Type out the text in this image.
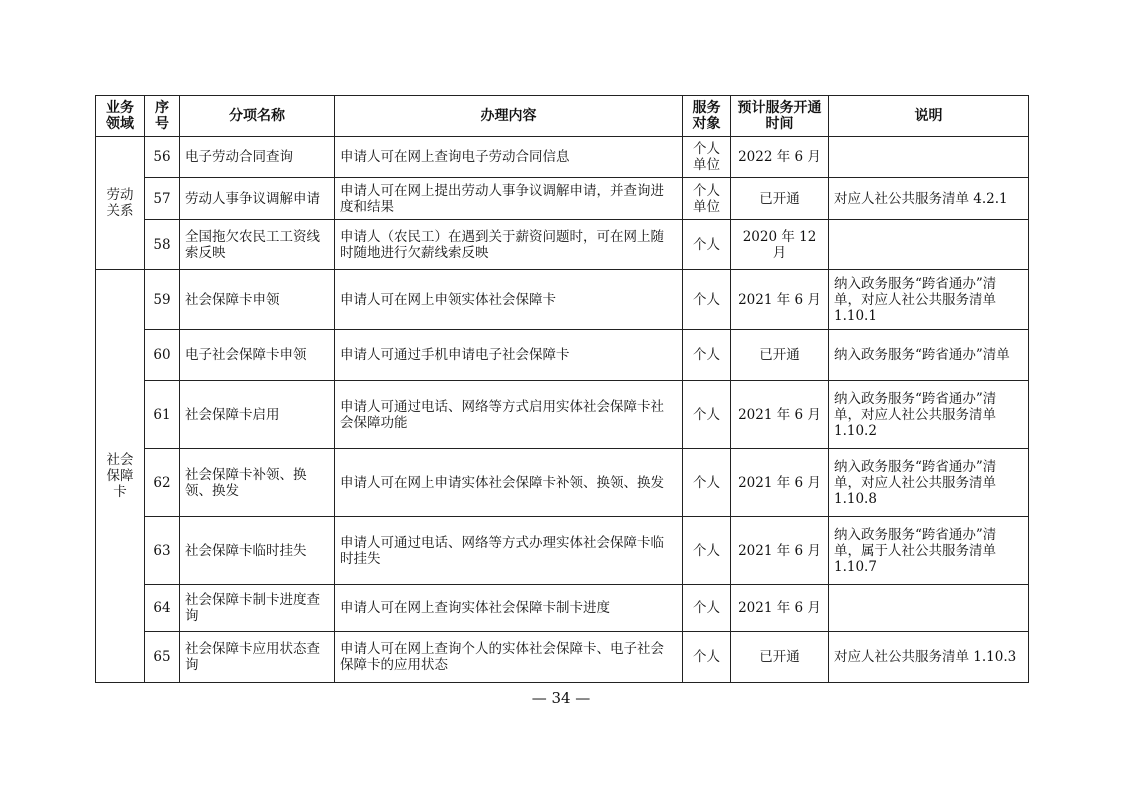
业务领域	序号	分项名称	办理内容	服务对象	预计服务开通时间	说明
劳动关系	56	电子劳动合同查询	申请人可在网上查询电子劳动合同信息	个人单位	2022 年 6 月	
	57	劳动人事争议调解申请	申请人可在网上提出劳动人事争议调解申请，并查询进度和结果	个人单位	已开通	对应人社公共服务清单 4.2.1
	58	全国拖欠农民工工资线索反映	申请人（农民工）在遇到关于薪资问题时，可在网上随时随地进行欠薪线索反映	个人	2020 年 12 月	
社会保障卡	59	社会保障卡申领	申请人可在网上申领实体社会保障卡	个人	2021 年 6 月	纳入政务服务“跨省通办”清单，对应人社公共服务清单 1.10.1
	60	电子社会保障卡申领	申请人可通过手机申请电子社会保障卡	个人	已开通	纳入政务服务“跨省通办”清单
	61	社会保障卡启用	申请人可通过电话、网络等方式启用实体社会保障卡社会保障功能	个人	2021 年 6 月	纳入政务服务“跨省通办”清单，对应人社公共服务清单 1.10.2
	62	社会保障卡补领、换领、换发	申请人可在网上申请实体社会保障卡补领、换领、换发	个人	2021 年 6 月	纳入政务服务“跨省通办”清单，对应人社公共服务清单 1.10.8
	63	社会保障卡临时挂失	申请人可通过电话、网络等方式办理实体社会保障卡临时挂失	个人	2021 年 6 月	纳入政务服务“跨省通办”清单，属于人社公共服务清单 1.10.7
	64	社会保障卡制卡进度查询	申请人可在网上查询实体社会保障卡制卡进度	个人	2021 年 6 月	
	65	社会保障卡应用状态查询	申请人可在网上查询个人的实体社会保障卡、电子社会保障卡的应用状态	个人	已开通	对应人社公共服务清单 1.10.3
— 34 —
